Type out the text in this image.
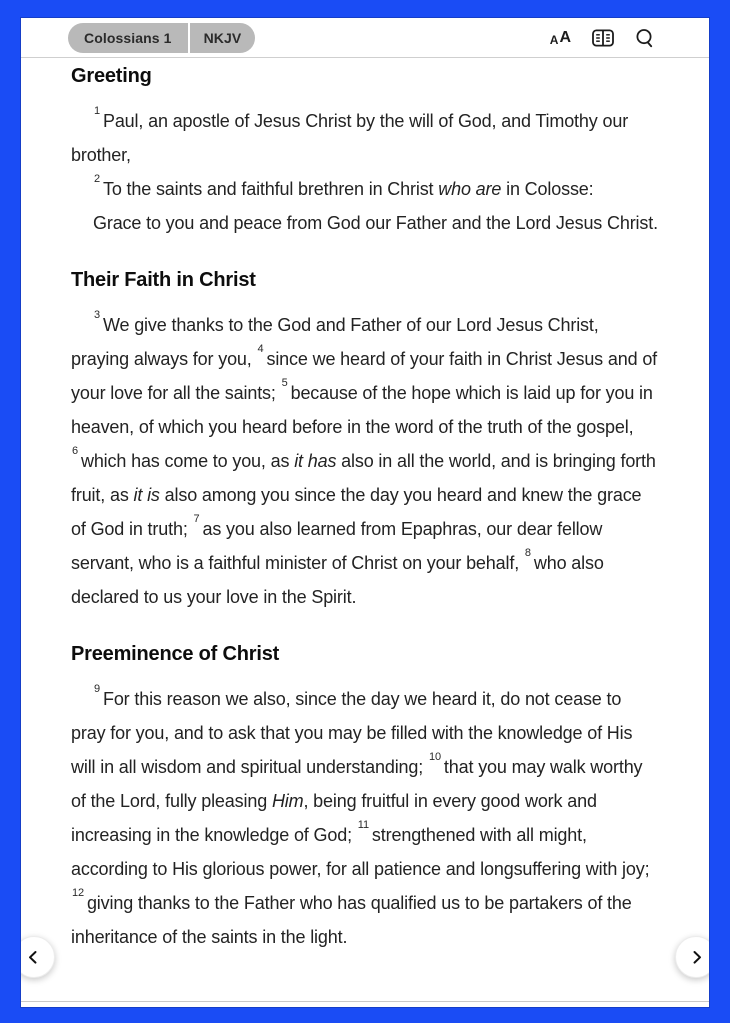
Colossians 1	NKJV	A A
Greeting

$^1$ Paul, an apostle of Jesus Christ by the will of God, and Timothy our brother,

$^2$ To the saints and faithful brethren in Christ who are in Colosse:

Grace to you and peace from God our Father and the Lord Jesus Christ.

Their Faith in Christ

$^3$ We give thanks to the God and Father of our Lord Jesus Christ, praying always for you, $^4$ since we heard of your faith in Christ Jesus and of your love for all the saints; $^5$ because of the hope which is laid up for you in heaven, of which you heard before in the word of the truth of the gospel, $^6$ which has come to you, as it has also in all the world, and is bringing forth fruit, as it is also among you since the day you heard and knew the grace of God in truth; $^7$ as you also learned from Epaphras, our dear fellow servant, who is a faithful minister of Christ on your behalf, $^8$ who also declared to us your love in the Spirit.

Preeminence of Christ

$^9$ For this reason we also, since the day we heard it, do not cease to pray for you, and to ask that you may be filled with the knowledge of His will in all wisdom and spiritual understanding; $^{10}$ that you may walk worthy of the Lord, fully pleasing Him, being fruitful in every good work and increasing in the knowledge of God; $^{11}$ strengthened with all might, according to His glorious power, for all patience and longsuffering with joy; $^{12}$ giving thanks to the Father who has qualified us to be partakers of the inheritance of the saints in the light.
